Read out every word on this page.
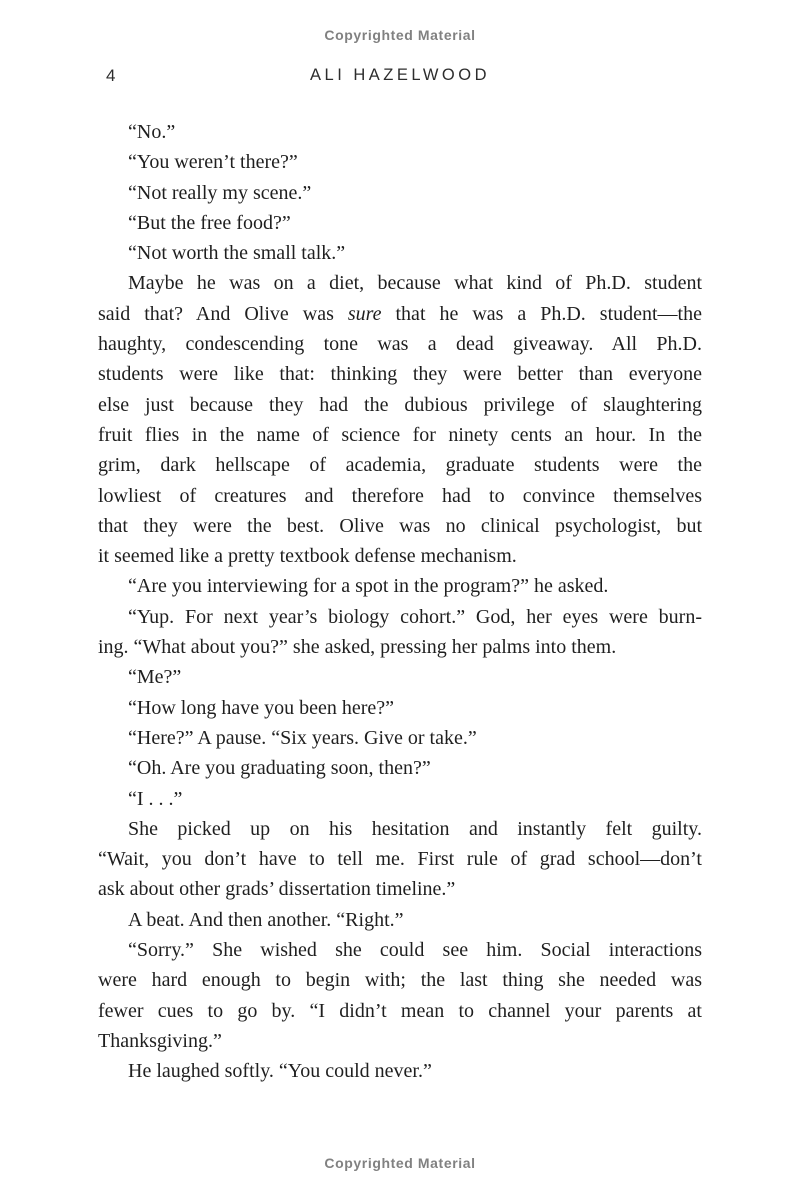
Copyrighted Material
4	ALI HAZELWOOD
“No.”
“You weren’t there?”
“Not really my scene.”
“But the free food?”
“Not worth the small talk.”
Maybe he was on a diet, because what kind of Ph.D. student
said that? And Olive was sure that he was a Ph.D. student—the
haughty, condescending tone was a dead giveaway. All Ph.D.
students were like that: thinking they were better than everyone
else just because they had the dubious privilege of slaughtering
fruit flies in the name of science for ninety cents an hour. In the
grim, dark hellscape of academia, graduate students were the
lowliest of creatures and therefore had to convince themselves
that they were the best. Olive was no clinical psychologist, but
it seemed like a pretty textbook defense mechanism.
“Are you interviewing for a spot in the program?” he asked.
“Yup. For next year’s biology cohort.” God, her eyes were burn-
ing. “What about you?” she asked, pressing her palms into them.
“Me?”
“How long have you been here?”
“Here?” A pause. “Six years. Give or take.”
“Oh. Are you graduating soon, then?”
“I . . .”
She picked up on his hesitation and instantly felt guilty.
“Wait, you don’t have to tell me. First rule of grad school—don’t
ask about other grads’ dissertation timeline.”
A beat. And then another. “Right.”
“Sorry.” She wished she could see him. Social interactions
were hard enough to begin with; the last thing she needed was
fewer cues to go by. “I didn’t mean to channel your parents at
Thanksgiving.”
He laughed softly. “You could never.”
Copyrighted Material
